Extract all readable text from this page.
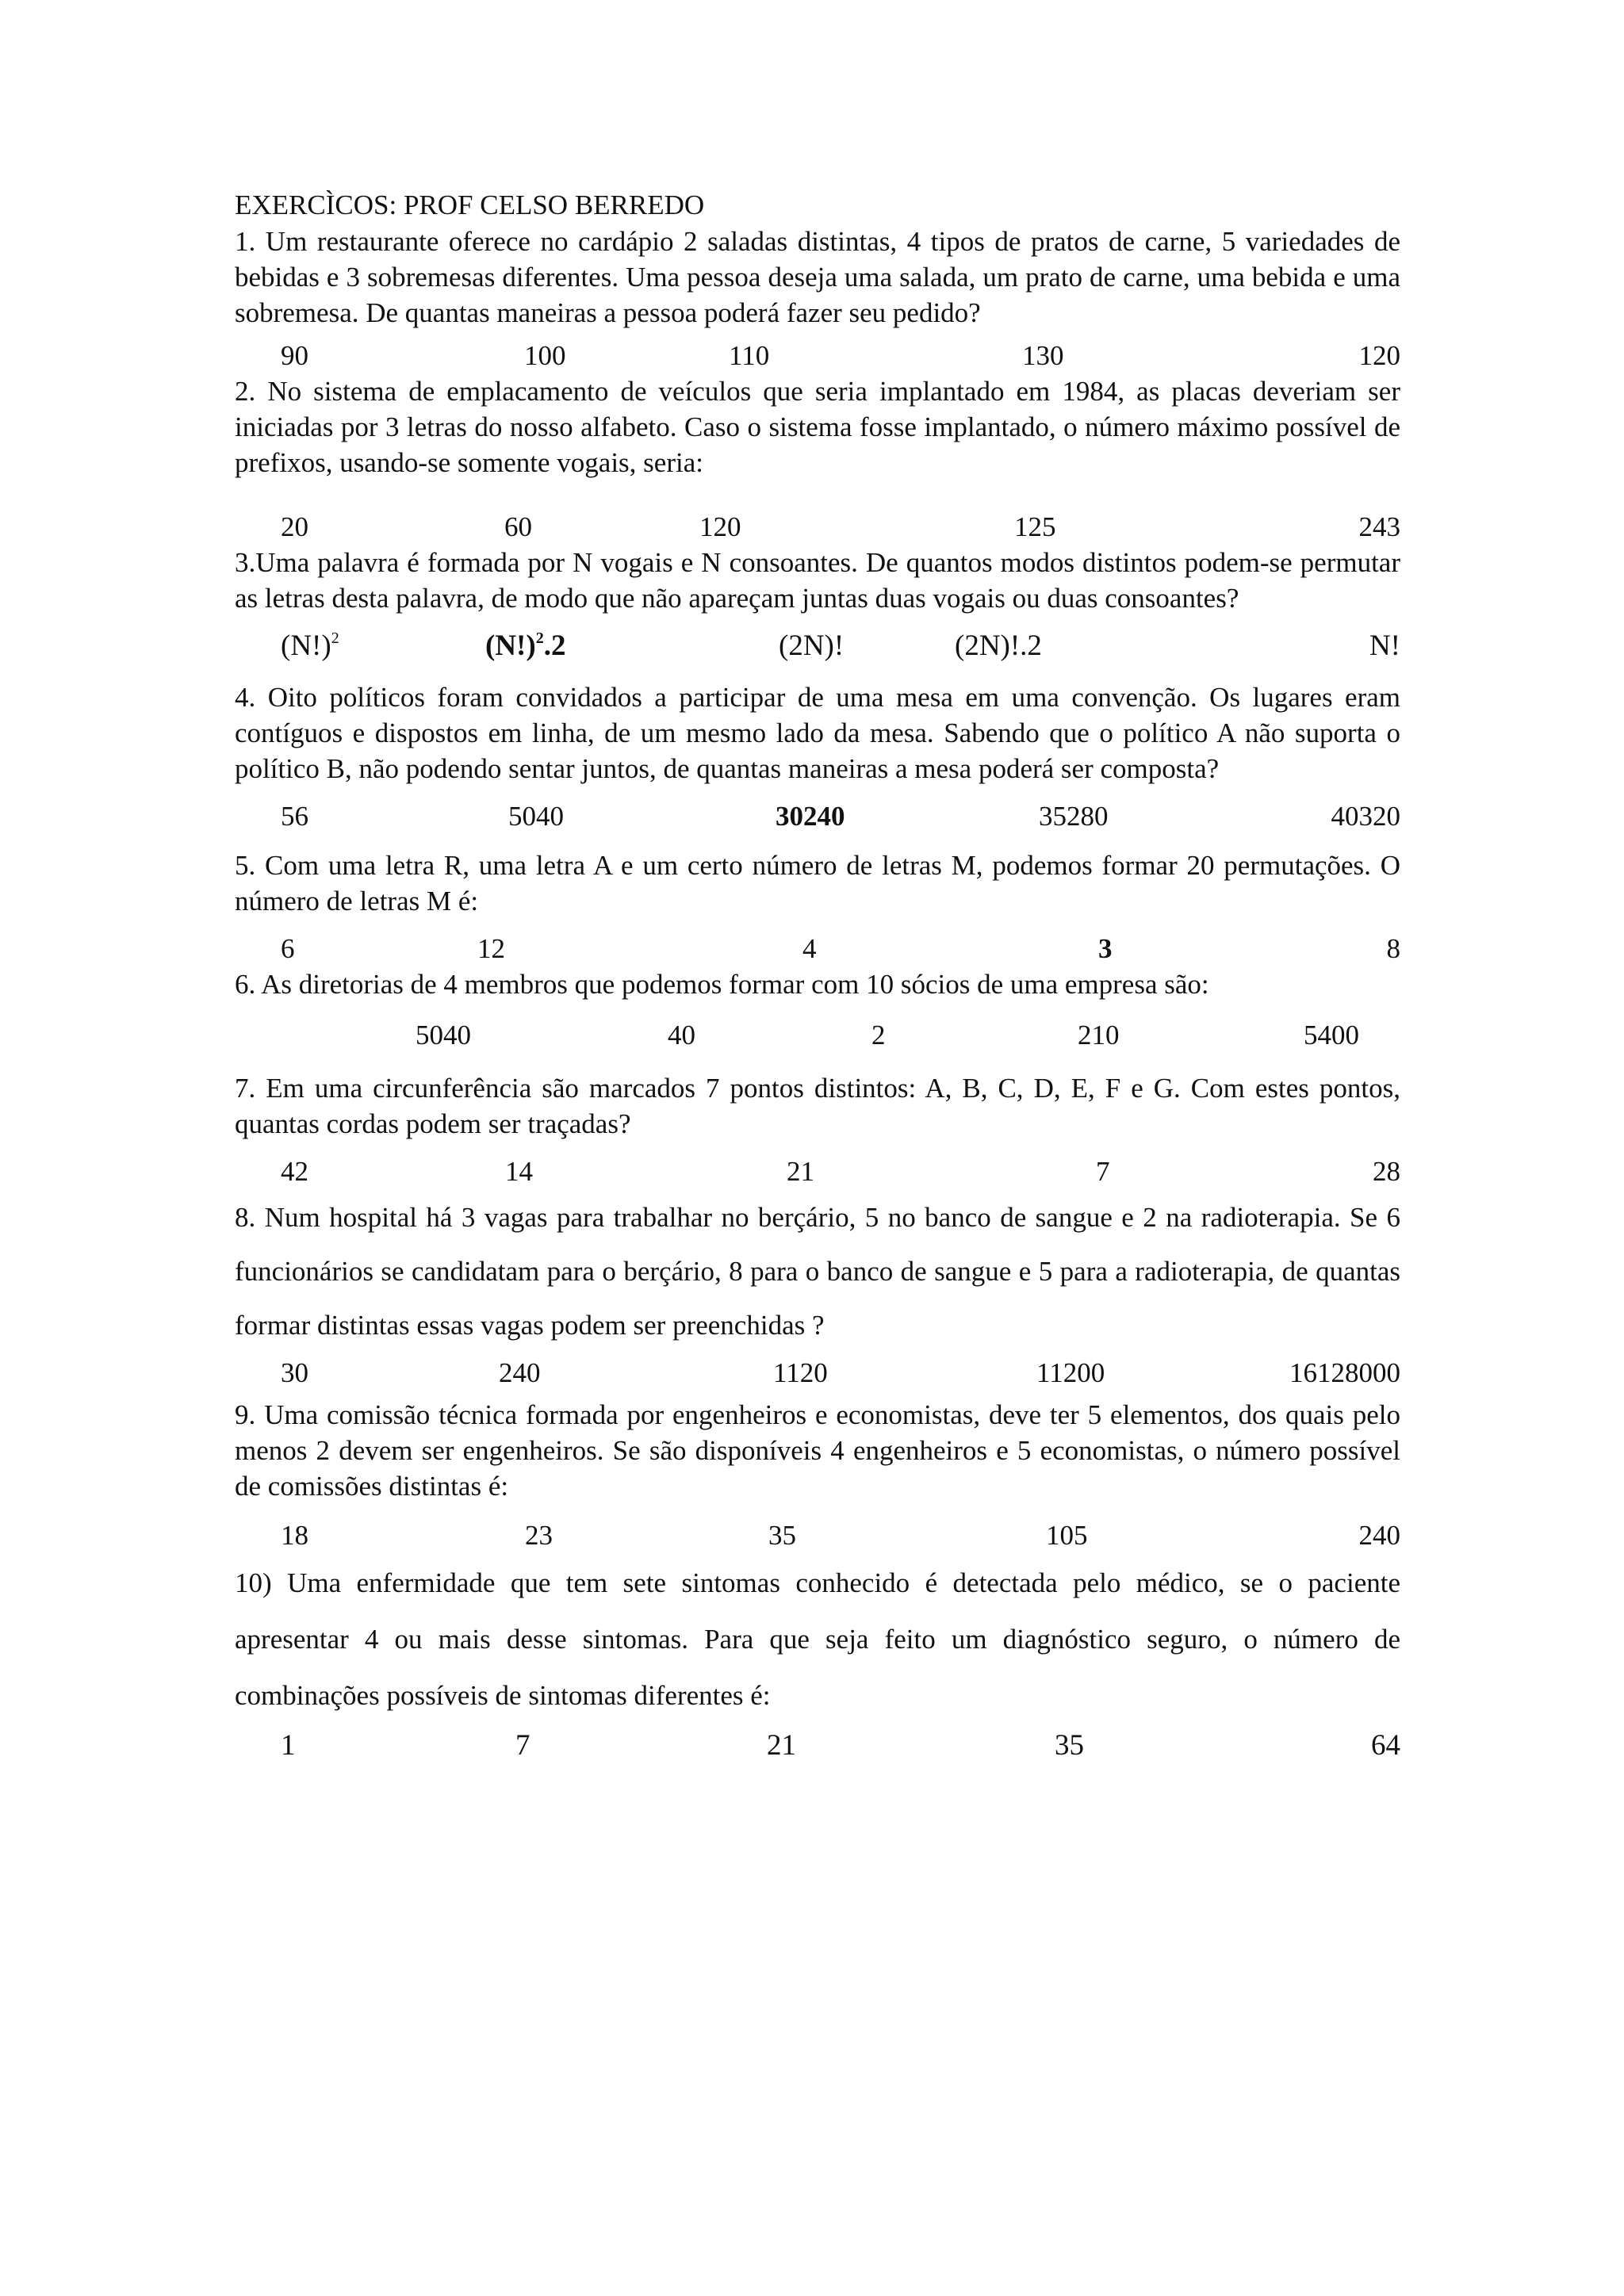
EXERCÌCOS: PROF CELSO BERREDO
1. Um restaurante oferece no cardápio 2 saladas distintas, 4 tipos de pratos de carne, 5 variedades de bebidas e 3 sobremesas diferentes. Uma pessoa deseja uma salada, um prato de carne, uma bebida e uma sobremesa. De quantas maneiras a pessoa poderá fazer seu pedido?
90	100	110	130	120
2. No sistema de emplacamento de veículos que seria implantado em 1984, as placas deveriam ser iniciadas por 3 letras do nosso alfabeto. Caso o sistema fosse implantado, o número máximo possível de prefixos, usando-se somente vogais, seria:
20	60	120	125	243
3.Uma palavra é formada por N vogais e N consoantes. De quantos modos distintos podem-se permutar as letras desta palavra, de modo que não apareçam juntas duas vogais ou duas consoantes?
$(N!)^2$	$(N!)^2.2$	(2N)!	(2N)!.2	N!
4. Oito políticos foram convidados a participar de uma mesa em uma convenção. Os lugares eram contíguos e dispostos em linha, de um mesmo lado da mesa. Sabendo que o político A não suporta o político B, não podendo sentar juntos, de quantas maneiras a mesa poderá ser composta?
56	5040	30240	35280	40320
5. Com uma letra R, uma letra A e um certo número de letras M, podemos formar 20 permutações. O número de letras M é:
6	12	4	3	8
6. As diretorias de 4 membros que podemos formar com 10 sócios de uma empresa são:
5040	40	2	210	5400
7. Em uma circunferência são marcados 7 pontos distintos: A, B, C, D, E, F e G. Com estes pontos, quantas cordas podem ser traçadas?
42	14	21	7	28
8. Num hospital há 3 vagas para trabalhar no berçário, 5 no banco de sangue e 2 na radioterapia. Se 6 funcionários se candidatam para o berçário, 8 para o banco de sangue e 5 para a radioterapia, de quantas formar distintas essas vagas podem ser preenchidas ?
30	240	1120	11200	16128000
9. Uma comissão técnica formada por engenheiros e economistas, deve ter 5 elementos, dos quais pelo menos 2 devem ser engenheiros. Se são disponíveis 4 engenheiros e 5 economistas, o número possível de comissões distintas é:
18	23	35	105	240
10) Uma enfermidade que tem sete sintomas conhecido é detectada pelo médico, se o paciente apresentar 4 ou mais desse sintomas. Para que seja feito um diagnóstico seguro, o número de combinações possíveis de sintomas diferentes é:
1	7	21	35	64
